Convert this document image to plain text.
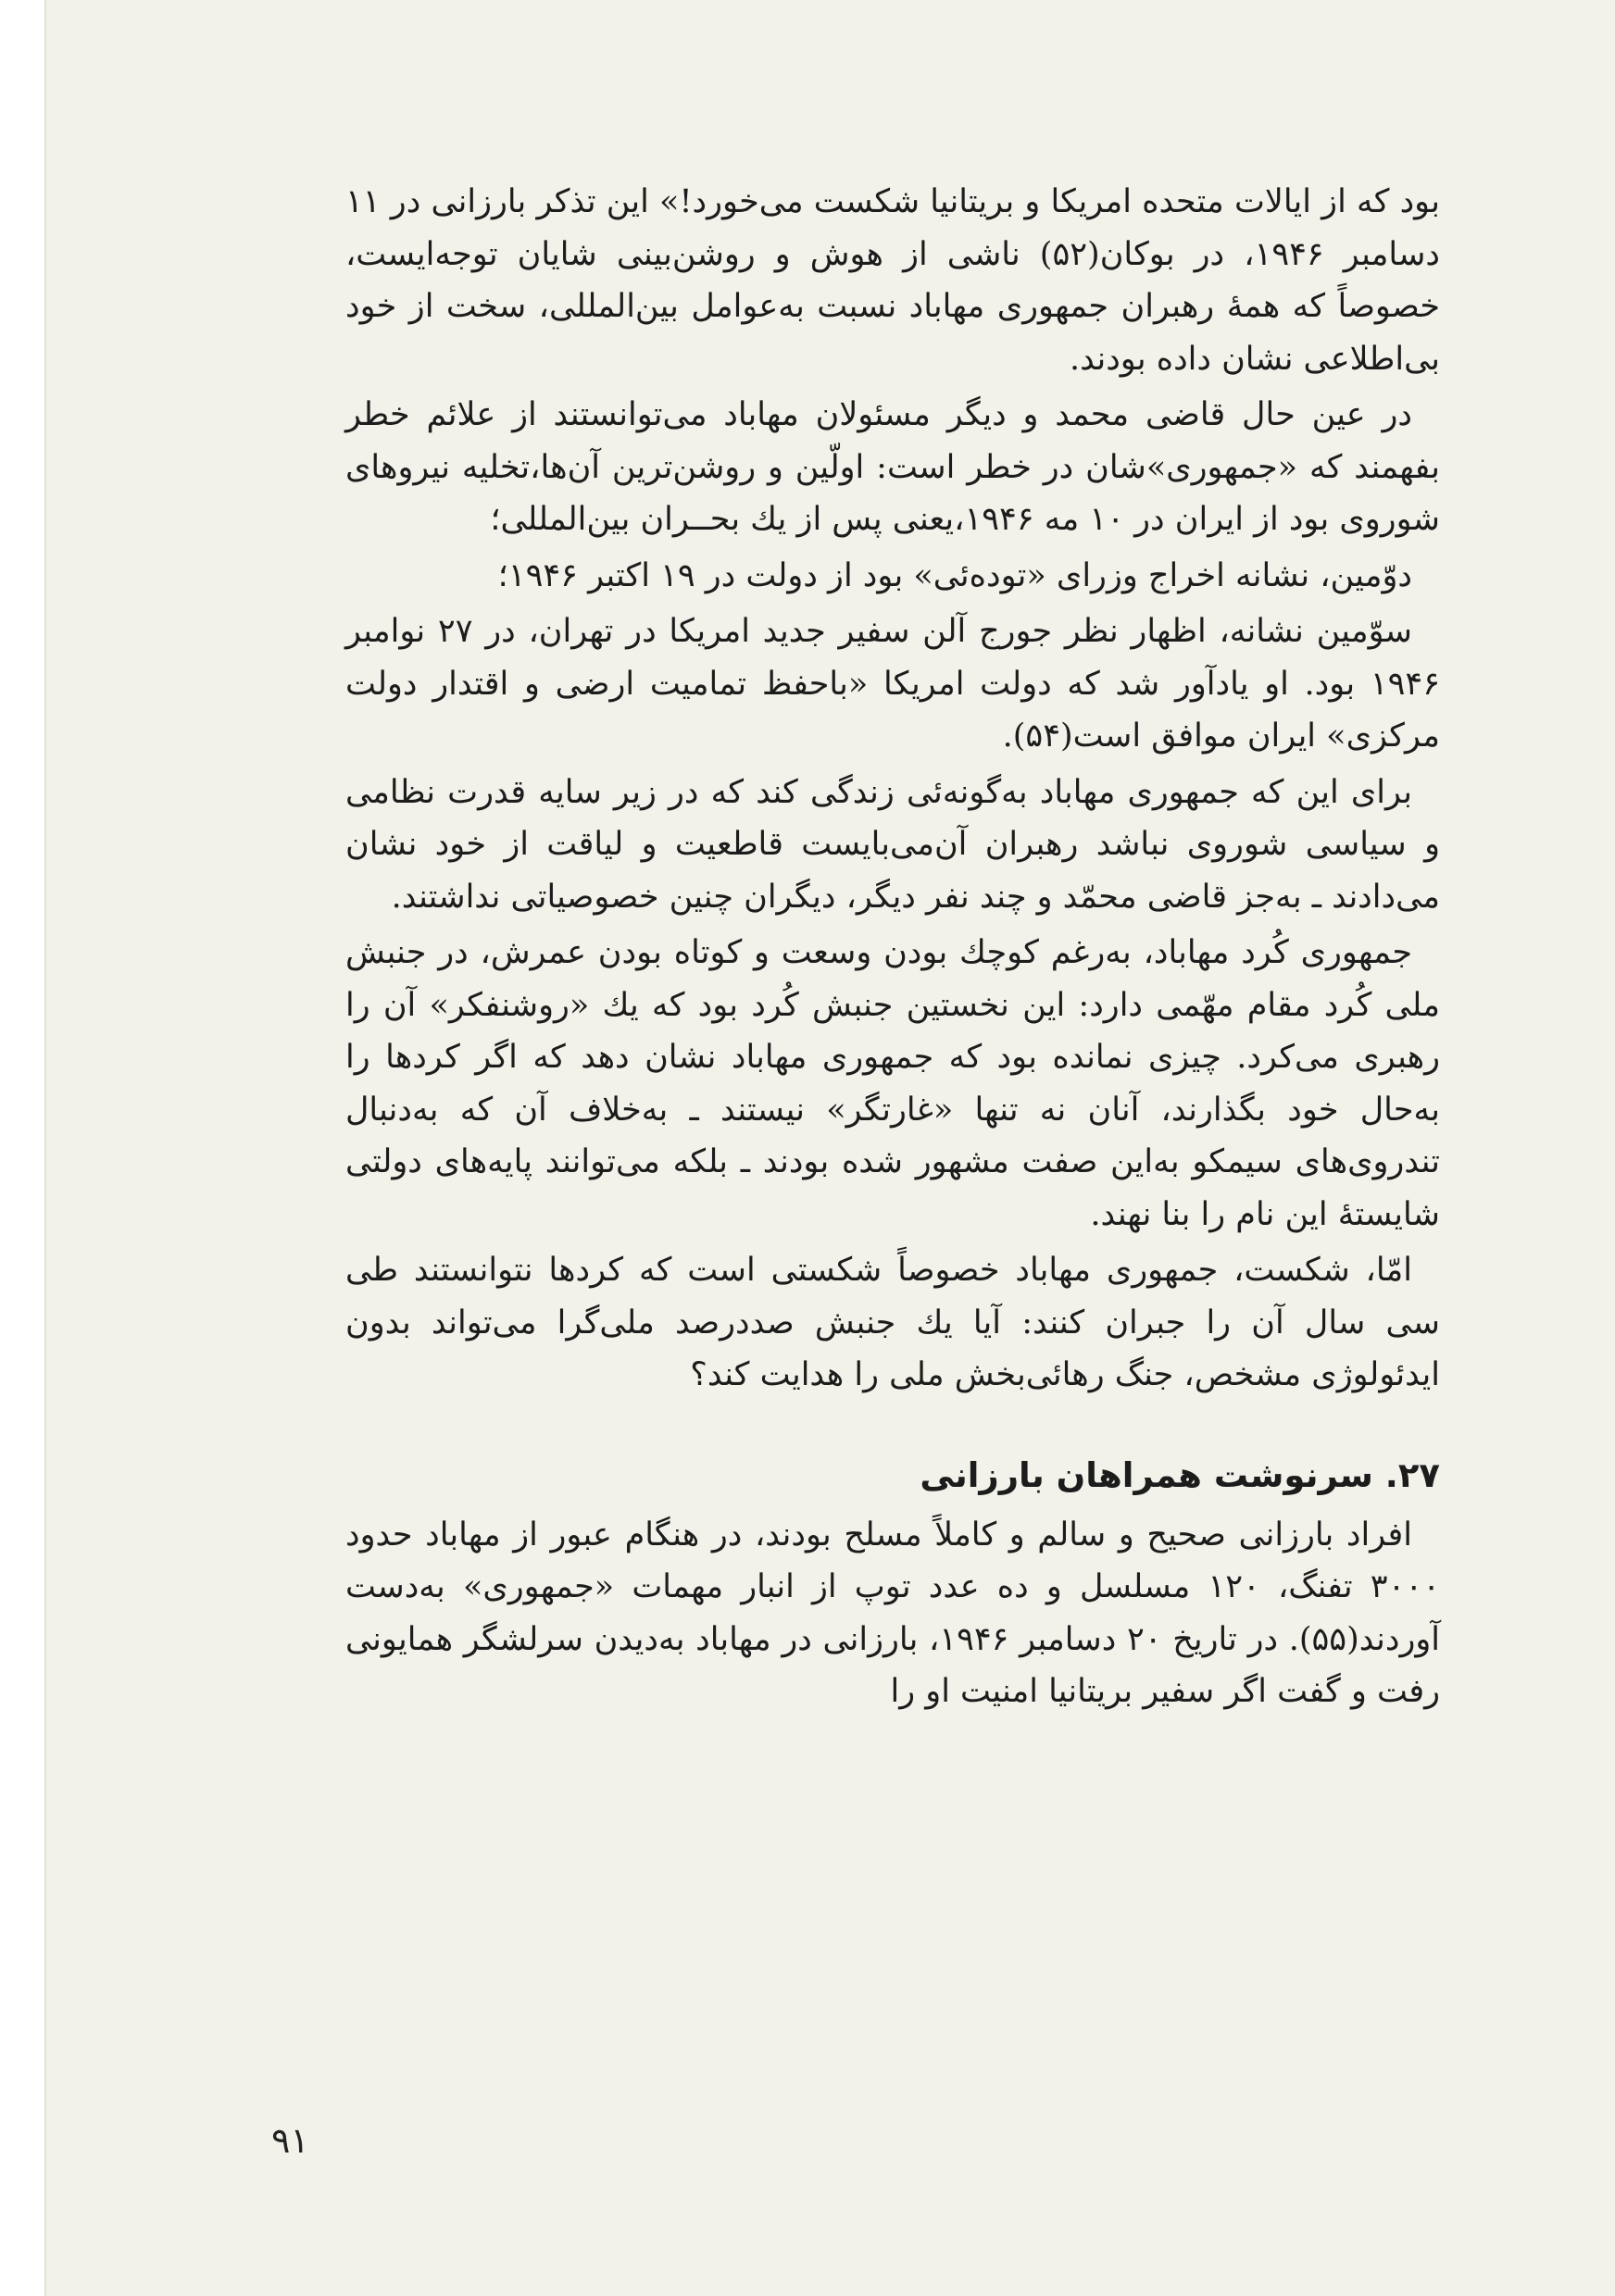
بود که از ایالات متحده امریکا و بریتانیا شکست می‌خورد!» این تذکر بارزانی در ۱۱ دسامبر ۱۹۴۶، در بوکان(۵۲) ناشی از هوش و روشن‌بینی شایان توجه‌ایست، خصوصاً که همهٔ رهبران جمهوری مهاباد نسبت به‌عوامل بین‌المللی، سخت از خود بی‌اطلاعی نشان داده بودند.

در عین حال قاضی محمد و دیگر مسئولان مهاباد می‌توانستند از علائم خطر بفهمند که «جمهوری»شان در خطر است: اولّین و روشن‌ترین آن‌ها،تخلیه نیروهای شوروی بود از ایران در ۱۰ مه ۱۹۴۶،یعنی پس از یك بحــران بین‌المللی؛

دوّمین، نشانه اخراج وزرای «توده‌ئی» بود از دولت در ۱۹ اکتبر ۱۹۴۶؛

سوّمین نشانه، اظهار نظر جورج آلن سفیر جدید امریکا در تهران، در ۲۷ نوامبر ۱۹۴۶ بود. او یادآور شد که دولت امریکا «باحفظ تمامیت ارضی و اقتدار دولت مرکزی» ایران موافق است(۵۴).

برای این که جمهوری مهاباد به‌گونه‌ئی زندگی کند که در زیر سایه قدرت نظامی و سیاسی شوروی نباشد رهبران آن‌می‌بایست قاطعیت و لیاقت از خود نشان می‌دادند ـ به‌جز قاضی محمّد و چند نفر دیگر، دیگران چنین خصوصیاتی نداشتند.

جمهوری کُرد مهاباد، به‌رغم کوچك بودن وسعت و کوتاه بودن عمرش، در جنبش ملی کُرد مقام مهّمی دارد: این نخستین جنبش کُرد بود که یك «روشنفکر» آن را رهبری می‌کرد. چیزی نمانده بود که جمهوری مهاباد نشان دهد که اگر کردها را به‌حال خود بگذارند، آنان نه تنها «غارتگر» نیستند ـ به‌خلاف آن که به‌دنبال تندروی‌های سیمکو به‌این صفت مشهور شده بودند ـ بلکه می‌توانند پایه‌های دولتی شایستهٔ این نام را بنا نهند.

امّا، شکست، جمهوری مهاباد خصوصاً شکستی است که کردها نتوانستند طی سی سال آن را جبران کنند: آیا یك جنبش صددرصد ملی‌گرا می‌تواند بدون ایدئولوژی مشخص، جنگ رهائی‌بخش ملی را هدایت کند؟

۲۷. سرنوشت همراهان بارزانی

افراد بارزانی صحیح و سالم و کاملاً مسلح بودند، در هنگام عبور از مهاباد حدود ۳۰۰۰ تفنگ، ۱۲۰ مسلسل و ده عدد توپ از انبار مهمات «جمهوری» به‌دست آوردند(۵۵). در تاریخ ۲۰ دسامبر ۱۹۴۶، بارزانی در مهاباد به‌دیدن سرلشگر همایونی رفت و گفت اگر سفیر بریتانیا امنیت او را

۹۱
